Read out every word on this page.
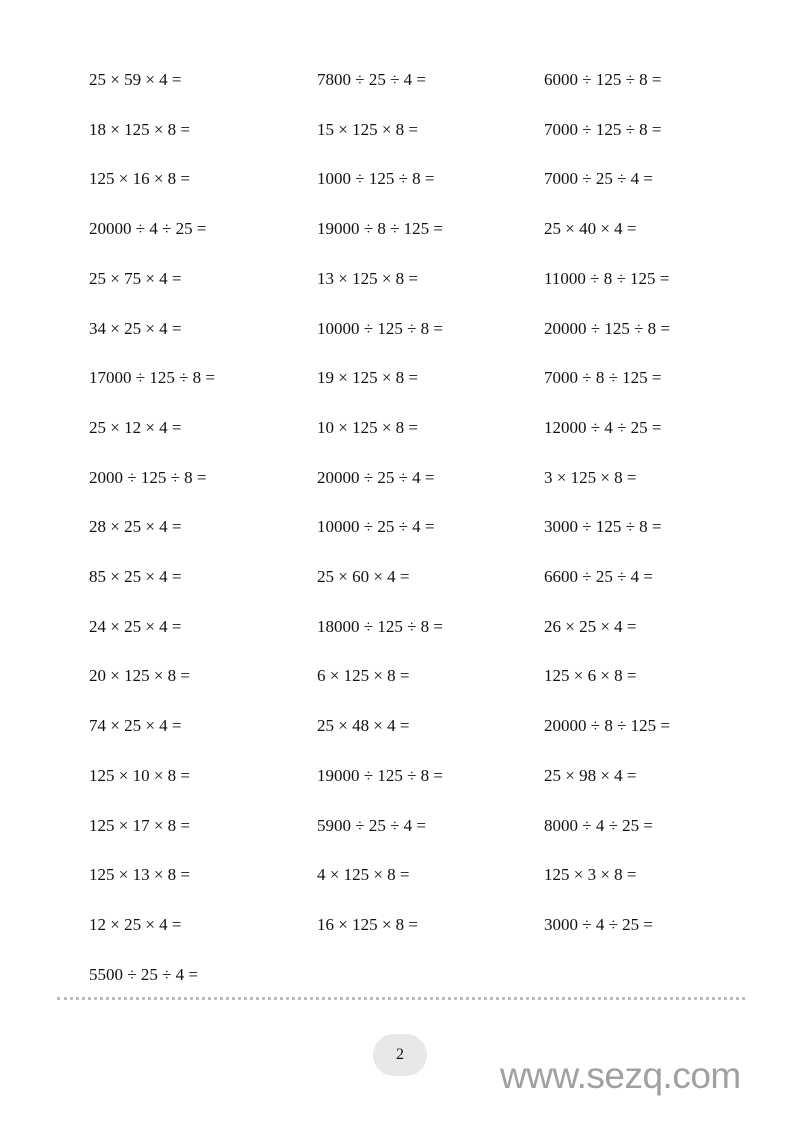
25 × 59 × 4 =
18 × 125 × 8 =
125 × 16 × 8 =
20000 ÷ 4 ÷ 25 =
25 × 75 × 4 =
34 × 25 × 4 =
17000 ÷ 125 ÷ 8 =
25 × 12 × 4 =
2000 ÷ 125 ÷ 8 =
28 × 25 × 4 =
85 × 25 × 4 =
24 × 25 × 4 =
20 × 125 × 8 =
74 × 25 × 4 =
125 × 10 × 8 =
125 × 17 × 8 =
125 × 13 × 8 =
12 × 25 × 4 =
5500 ÷ 25 ÷ 4 =
7800 ÷ 25 ÷ 4 =
15 × 125 × 8 =
1000 ÷ 125 ÷ 8 =
19000 ÷ 8 ÷ 125 =
13 × 125 × 8 =
10000 ÷ 125 ÷ 8 =
19 × 125 × 8 =
10 × 125 × 8 =
20000 ÷ 25 ÷ 4 =
10000 ÷ 25 ÷ 4 =
25 × 60 × 4 =
18000 ÷ 125 ÷ 8 =
6 × 125 × 8 =
25 × 48 × 4 =
19000 ÷ 125 ÷ 8 =
5900 ÷ 25 ÷ 4 =
4 × 125 × 8 =
16 × 125 × 8 =
6000 ÷ 125 ÷ 8 =
7000 ÷ 125 ÷ 8 =
7000 ÷ 25 ÷ 4 =
25 × 40 × 4 =
11000 ÷ 8 ÷ 125 =
20000 ÷ 125 ÷ 8 =
7000 ÷ 8 ÷ 125 =
12000 ÷ 4 ÷ 25 =
3 × 125 × 8 =
3000 ÷ 125 ÷ 8 =
6600 ÷ 25 ÷ 4 =
26 × 25 × 4 =
125 × 6 × 8 =
20000 ÷ 8 ÷ 125 =
25 × 98 × 4 =
8000 ÷ 4 ÷ 25 =
125 × 3 × 8 =
3000 ÷ 4 ÷ 25 =
2
www.sezq.com
